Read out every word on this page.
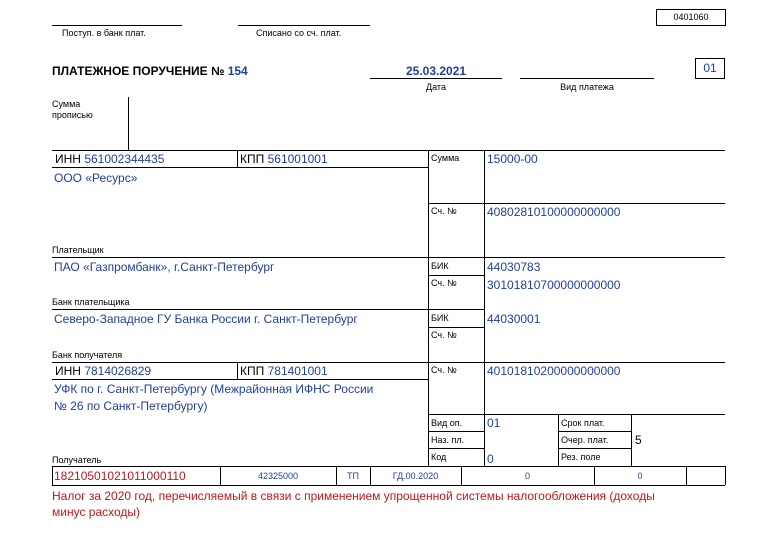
Поступ. в банк плат.	Списано со сч. плат.
0401060
ПЛАТЕЖНОЕ ПОРУЧЕНИЕ № 154	25.03.2021
Дата	Вид платежа
01
Сумма
прописью
ИНН 561002344435	КПП 561001001
ООО «Ресурс»
Плательщик
Сумма 15000-00
Сч. №	40802810100000000000
ПАО «Газпромбанк», г.Санкт-Петербург
Банк плательщика
БИК	44030783
Сч. №	30101810700000000000
Северо-Западное ГУ Банка России г. Санкт-Петербург
Банк получателя
БИК	44030001
Сч. №
ИНН 7814026829	КПП 781401001
УФК по г. Санкт-Петербургу (Межрайонная ИФНС России
№ 26 по Санкт-Петербургу)
Получатель
Сч. №	40101810200000000000
Вид оп. 01
Наз. пл.
Код	0
Срок плат.
Очер. плат. 5
Рез. поле
18210501021011000110	42325000	ТП	ГД.00.2020	0	0
Налог за 2020 год, перечисляемый в связи с применением упрощенной системы налогообложения (доходы
минус расходы)
